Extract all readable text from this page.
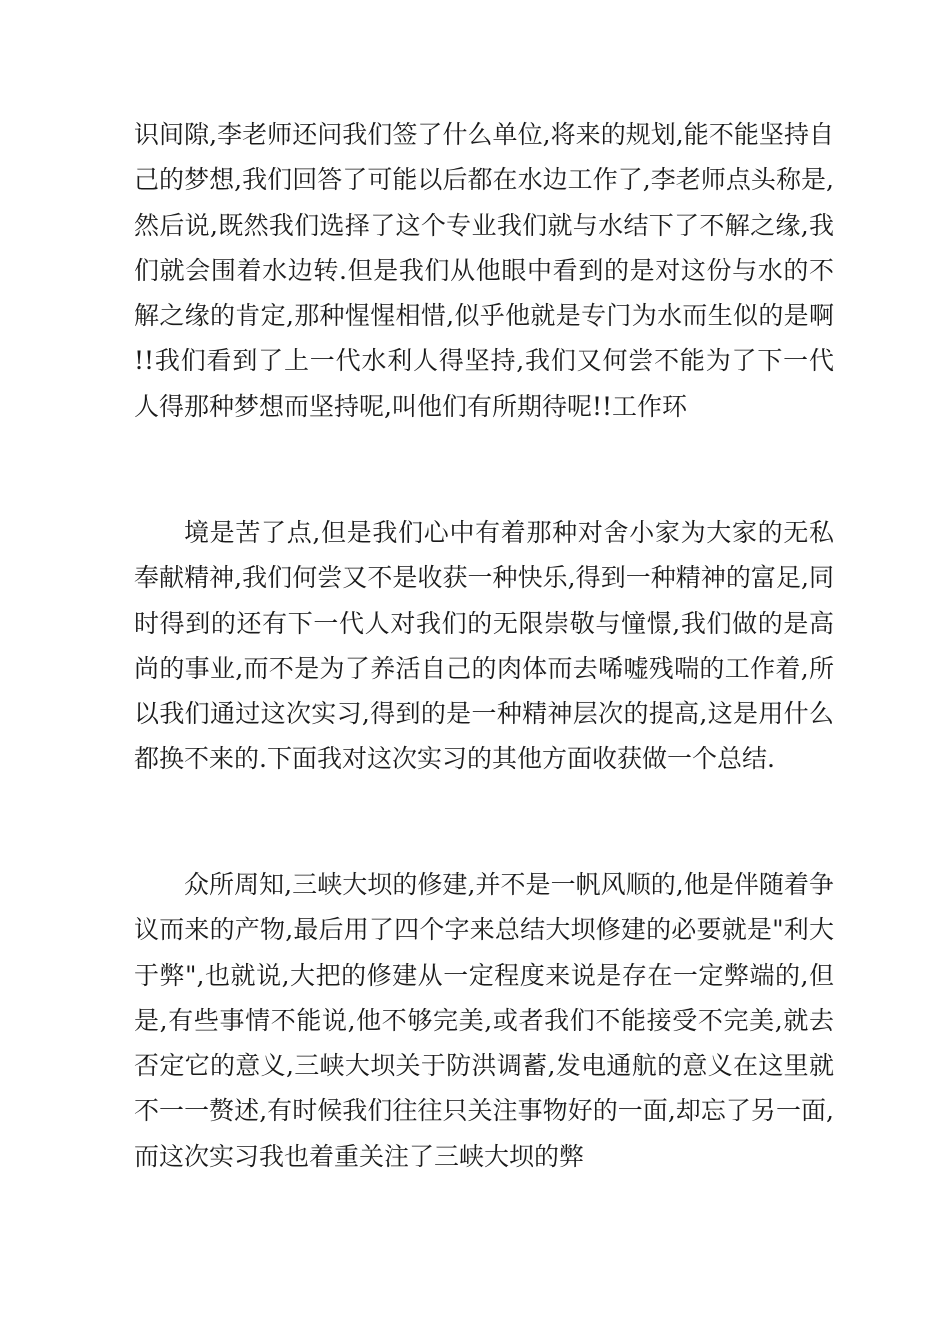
识间隙,李老师还问我们签了什么单位,将来的规划,能不能坚持自己的梦想,我们回答了可能以后都在水边工作了,李老师点头称是,然后说,既然我们选择了这个专业我们就与水结下了不解之缘,我们就会围着水边转.但是我们从他眼中看到的是对这份与水的不解之缘的肯定,那种惺惺相惜,似乎他就是专门为水而生似的是啊!!我们看到了上一代水利人得坚持,我们又何尝不能为了下一代人得那种梦想而坚持呢,叫他们有所期待呢!!工作环

境是苦了点,但是我们心中有着那种对舍小家为大家的无私奉献精神,我们何尝又不是收获一种快乐,得到一种精神的富足,同时得到的还有下一代人对我们的无限崇敬与憧憬,我们做的是高尚的事业,而不是为了养活自己的肉体而去唏嘘残喘的工作着,所以我们通过这次实习,得到的是一种精神层次的提高,这是用什么都换不来的.下面我对这次实习的其他方面收获做一个总结.

众所周知,三峡大坝的修建,并不是一帆风顺的,他是伴随着争议而来的产物,最后用了四个字来总结大坝修建的必要就是"利大于弊",也就说,大把的修建从一定程度来说是存在一定弊端的,但是,有些事情不能说,他不够完美,或者我们不能接受不完美,就去否定它的意义,三峡大坝关于防洪调蓄,发电通航的意义在这里就不一一赘述,有时候我们往往只关注事物好的一面,却忘了另一面,而这次实习我也着重关注了三峡大坝的弊
